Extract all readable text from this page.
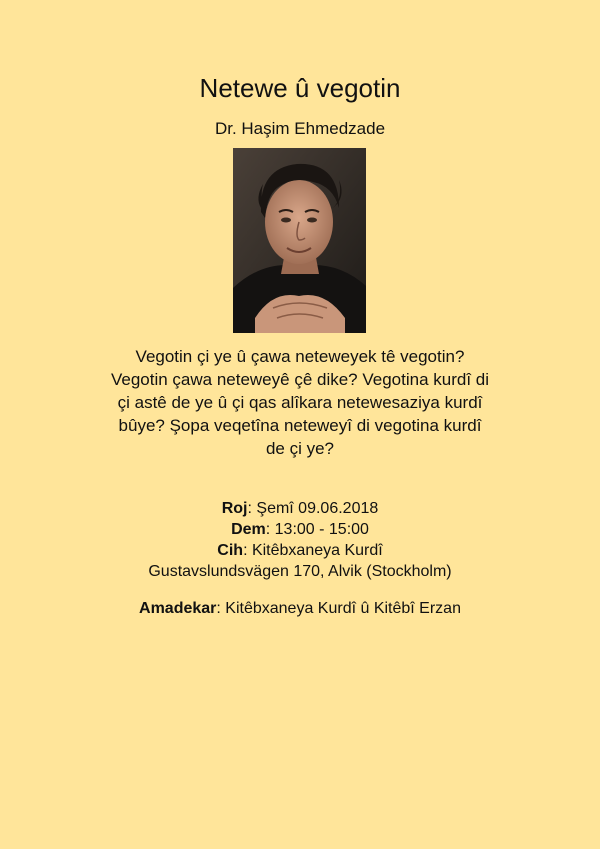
Netewe û vegotin

Dr. Haşim Ehmedzade

Vegotin çi ye û çawa neteweyek tê vegotin?
Vegotin çawa neteweyê çê dike? Vegotina kurdî di
çi astê de ye û çi qas alîkara netewesaziya kurdî
bûye? Şopa veqetîna neteweyî di vegotina kurdî
de çi ye?
Roj: Şemî 09.06.2018
Dem: 13:00 - 15:00
Cih: Kitêbxaneya Kurdî
Gustavslundsvägen 170, Alvik (Stockholm)
Amadekar: Kitêbxaneya Kurdî û Kitêbî Erzan
